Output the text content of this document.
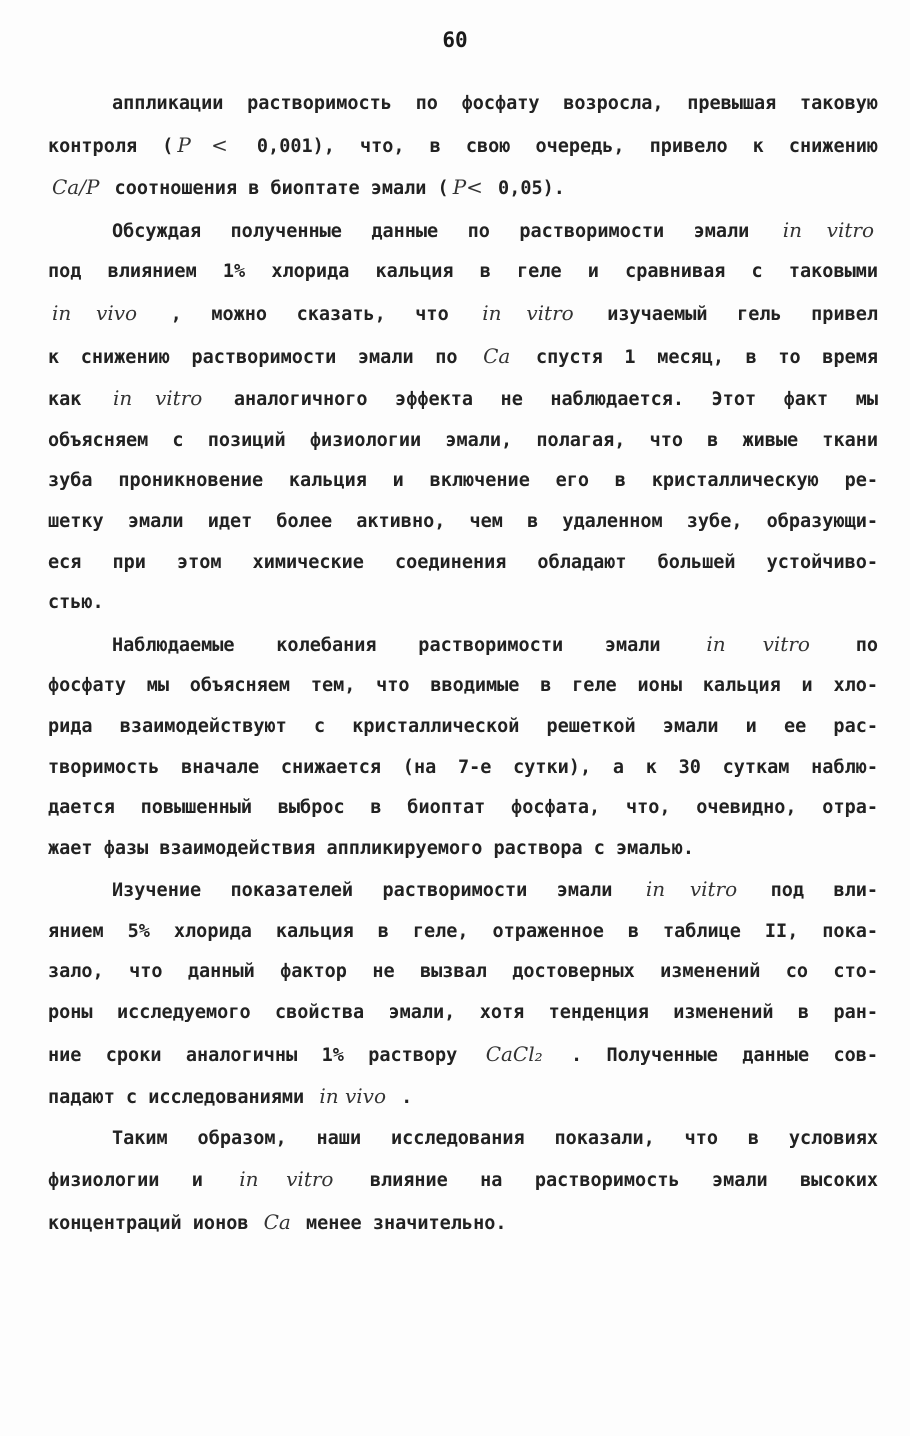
60
аппликации растворимость по фосфату возросла, превышая таковую
контроля ( P < 0,001), что, в свою очередь, привело к снижению
Ca/P соотношения в биоптате эмали ( P< 0,05).
Обсуждая полученные данные по растворимости эмали in vitro
под влиянием 1% хлорида кальция в геле и сравнивая с таковыми
in vivo , можно сказать, что in vitro изучаемый гель привел
к снижению растворимости эмали по Ca спустя 1 месяц, в то время
как in vitro аналогичного эффекта не наблюдается. Этот факт мы
объясняем с позиций физиологии эмали, полагая, что в живые ткани
зуба проникновение кальция и включение его в кристаллическую ре-
шетку эмали идет более активно, чем в удаленном зубе, образующи-
еся при этом химические соединения обладают большей устойчиво-
стью.
Наблюдаемые колебания растворимости эмали in vitro по
фосфату мы объясняем тем, что вводимые в геле ионы кальция и хло-
рида взаимодействуют с кристаллической решеткой эмали и ее рас-
творимость вначале снижается (на 7-е сутки), а к 30 суткам наблю-
дается повышенный выброс в биоптат фосфата, что, очевидно, отра-
жает фазы взаимодействия аппликируемого раствора с эмалью.
Изучение показателей растворимости эмали in vitro под вли-
янием 5% хлорида кальция в геле, отраженное в таблице II, пока-
зало, что данный фактор не вызвал достоверных изменений со сто-
роны исследуемого свойства эмали, хотя тенденция изменений в ран-
ние сроки аналогичны 1% раствору CaCl₂ . Полученные данные сов-
падают с исследованиями in vivo .
Таким образом, наши исследования показали, что в условиях
физиологии и in vitro влияние на растворимость эмали высоких
концентраций ионов Ca менее значительно.
